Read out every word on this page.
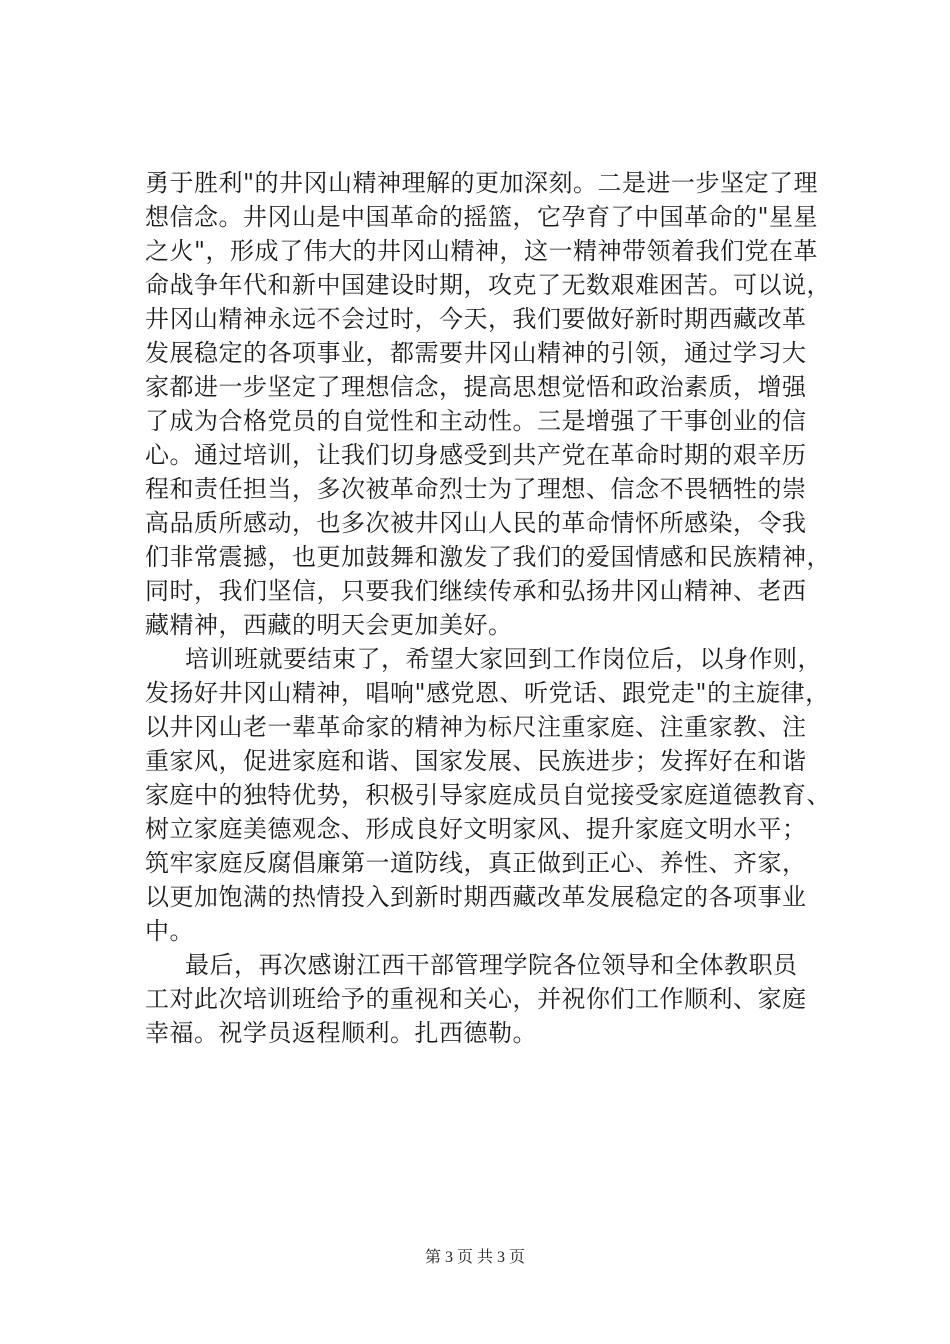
勇于胜利"的井冈山精神理解的更加深刻。二是进一步坚定了理
想信念。井冈山是中国革命的摇篮，它孕育了中国革命的"星星
之火"，形成了伟大的井冈山精神，这一精神带领着我们党在革
命战争年代和新中国建设时期，攻克了无数艰难困苦。可以说，
井冈山精神永远不会过时，今天，我们要做好新时期西藏改革
发展稳定的各项事业，都需要井冈山精神的引领，通过学习大
家都进一步坚定了理想信念，提高思想觉悟和政治素质，增强
了成为合格党员的自觉性和主动性。三是增强了干事创业的信
心。通过培训，让我们切身感受到共产党在革命时期的艰辛历
程和责任担当，多次被革命烈士为了理想、信念不畏牺牲的崇
高品质所感动，也多次被井冈山人民的革命情怀所感染，令我
们非常震撼，也更加鼓舞和激发了我们的爱国情感和民族精神，
同时，我们坚信，只要我们继续传承和弘扬井冈山精神、老西
藏精神，西藏的明天会更加美好。

培训班就要结束了，希望大家回到工作岗位后，以身作则，
发扬好井冈山精神，唱响"感党恩、听党话、跟党走"的主旋律，
以井冈山老一辈革命家的精神为标尺注重家庭、注重家教、注
重家风，促进家庭和谐、国家发展、民族进步；发挥好在和谐
家庭中的独特优势，积极引导家庭成员自觉接受家庭道德教育、
树立家庭美德观念、形成良好文明家风、提升家庭文明水平；
筑牢家庭反腐倡廉第一道防线，真正做到正心、养性、齐家，
以更加饱满的热情投入到新时期西藏改革发展稳定的各项事业
中。

最后，再次感谢江西干部管理学院各位领导和全体教职员
工对此次培训班给予的重视和关心，并祝你们工作顺利、家庭
幸福。祝学员返程顺利。扎西德勒。

第 3 页 共 3 页
